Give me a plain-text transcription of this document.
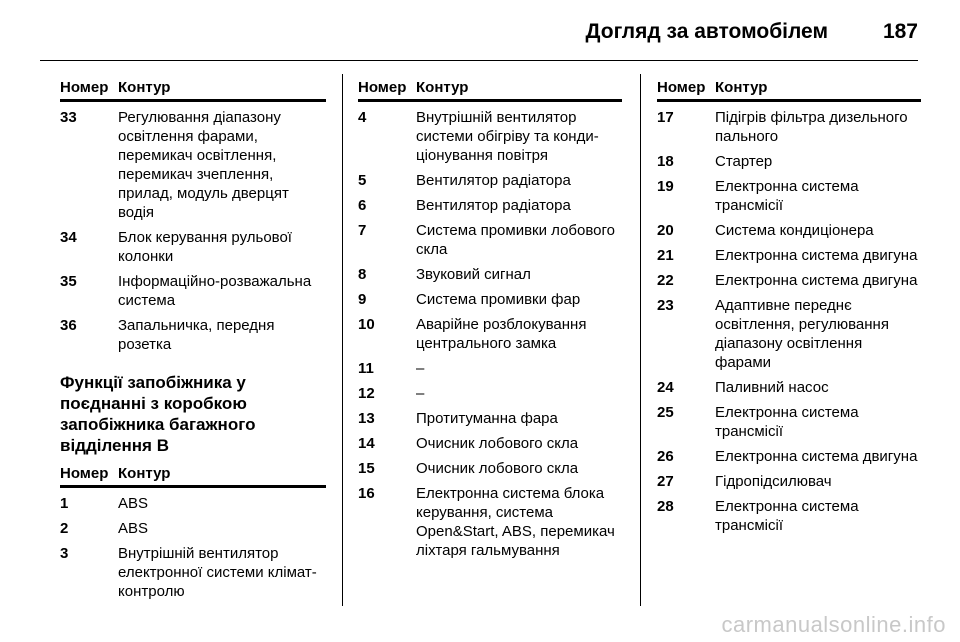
Догляд за автомобілем	187
Номер Контур
33	Регулювання діапазону освітлення фарами, перемикач освітлення, перемикач зчеплення, прилад, модуль дверцят водія
34	Блок керування рульової колонки
35	Інформаційно-розважальна система
36	Запальничка, передня розетка
Функції запобіжника у поєднанні з коробкою запобіжника багажного відділення B
Номер Контур
1	ABS
2	ABS
3	Внутрішній вентилятор електронної системи клімат-контролю
Номер Контур
4	Внутрішній вентилятор системи обігріву та конди-ціонування повітря
5	Вентилятор радіатора
6	Вентилятор радіатора
7	Система промивки лобового скла
8	Звуковий сигнал
9	Система промивки фар
10	Аварійне розблокування центрального замка
11	–
12	–
13	Протитуманна фара
14	Очисник лобового скла
15	Очисник лобового скла
16	Електронна система блока керування, система Open&Start, ABS, перемикач ліхтаря гальмування
Номер Контур
17	Підігрів фільтра дизельного пального
18	Стартер
19	Електронна система трансмісії
20	Система кондиціонера
21	Електронна система двигуна
22	Електронна система двигуна
23	Адаптивне переднє освітлення, регулювання діапазону освітлення фарами
24	Паливний насос
25	Електронна система трансмісії
26	Електронна система двигуна
27	Гідропідсилювач
28	Електронна система трансмісії
carmanualsonline.info
